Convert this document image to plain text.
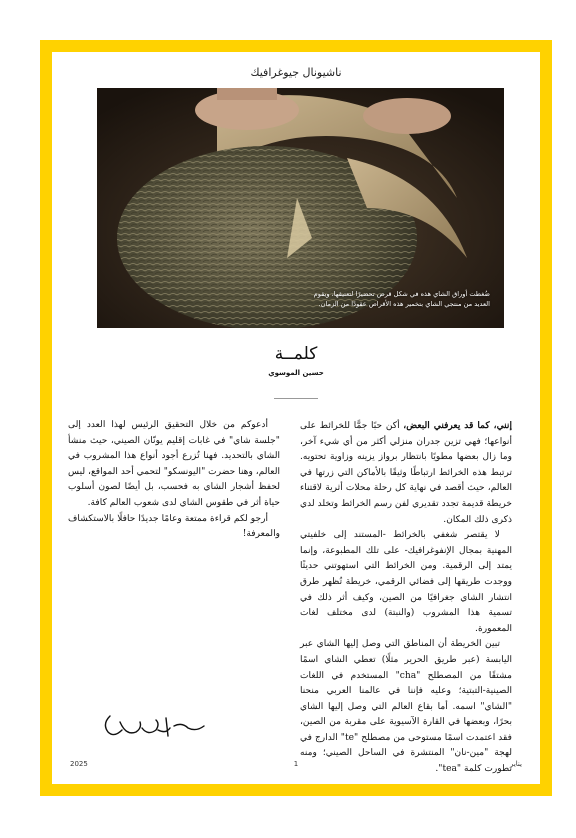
ناشيونال جيوغرافيك
ضُغطت أوراق الشاي هذه في شكل قرص تحضيرًا لتعتيقها، ويقوم العديد من منتجي الشاي بتخمير هذه الأقراص عقودًا من الزمان.
كلمــة
حسين الموسوي

إنني، كما قد يعرفني البعض، أكن حبًا جمًّا للخرائط على أنواعها؛ فهي تزين جدران منزلي أكثر من أي شيء آخر، وما زال بعضها مطويًا بانتظار برواز يزينه وزاوية تحتويه. ترتبط هذه الخرائط ارتباطًا وثيقًا بالأماكن التي زرتها في العالم، حيث أقصد في نهاية كل رحلة محلات أثرية لاقتناء خريطة قديمة تجدد تقديري لفن رسم الخرائط وتخلد لدي ذكرى ذلك المكان.

لا يقتصر شغفي بالخرائط -المستند إلى خلفيتي المهنية بمجال الإنفوغرافيك- على تلك المطبوعة، وإنما يمتد إلى الرقمية. ومن الخرائط التي استهوتني حديثًا ووجدت طريقها إلى فضائي الرقمي، خريطة تُظهر طرق انتشار الشاي جغرافيًا من الصين، وكيف أثر ذلك في تسمية هذا المشروب (والنبتة) لدى مختلف لغات المعمورة.

تبين الخريطة أن المناطق التي وصل إليها الشاي عبر اليابسة (عبر طريق الحرير مثلًا) تعطي الشاي اسمًا مشتقًا من المصطلح "cha" المستخدم في اللغات الصينية-التبتية؛ وعليه فإننا في عالمنا العربي منحنا "الشاي" اسمه. أما بقاع العالم التي وصل إليها الشاي بحرًا، وبعضها في القارة الآسيوية على مقربة من الصين، فقد اعتمدت اسمًا مستوحى من مصطلح "te" الدارج في لهجة "مين-نان" المنتشرة في الساحل الصيني؛ ومنه تطورت كلمة "tea".

أدعوكم من خلال التحقيق الرئيس لهذا العدد إلى "جلسة شاي" في غابات إقليم يونّان الصيني، حيث منشأ الشاي بالتحديد. فهنا تُزرع أجود أنواع هذا المشروب في العالم، وهنا حضرت "اليونسكو" لتحمي أحد المواقع، ليس لحفظ أشجار الشاي به فحسب، بل أيضًا لصون أسلوب حياة أثر في طقوس الشاي لدى شعوب العالم كافة.

أرجو لكم قراءة ممتعة وعامًا جديدًا حافلًا بالاستكشاف والمعرفة!

2025	1	يناير
